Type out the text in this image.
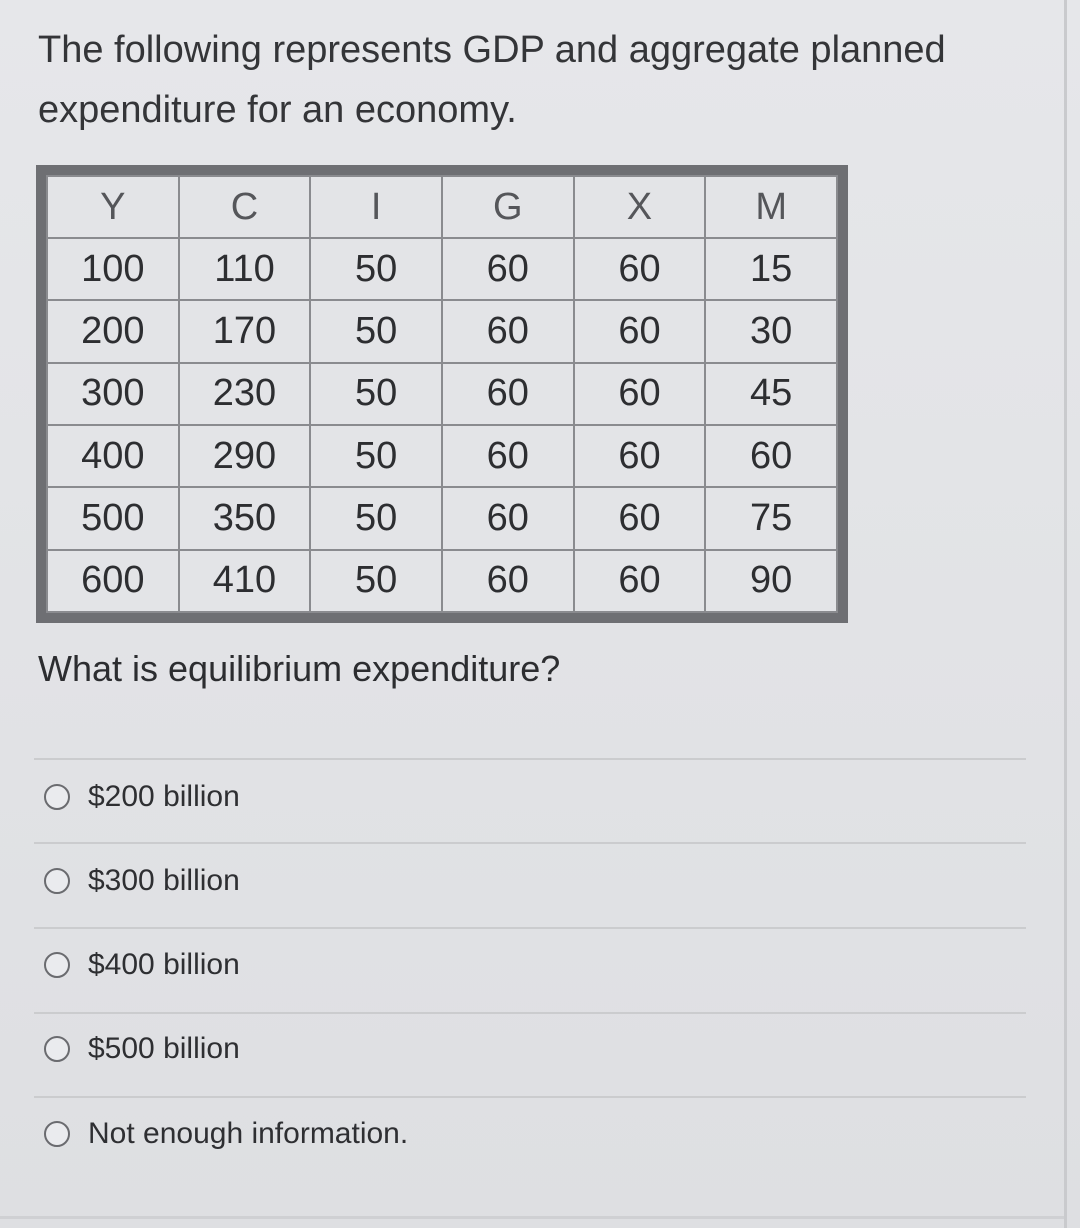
The following represents GDP and aggregate planned expenditure for an economy.

Y	C	I	G	X	M
100	110	50	60	60	15
200	170	50	60	60	30
300	230	50	60	60	45
400	290	50	60	60	60
500	350	50	60	60	75
600	410	50	60	60	90

What is equilibrium expenditure?

$200 billion
$300 billion
$400 billion
$500 billion
Not enough information.
